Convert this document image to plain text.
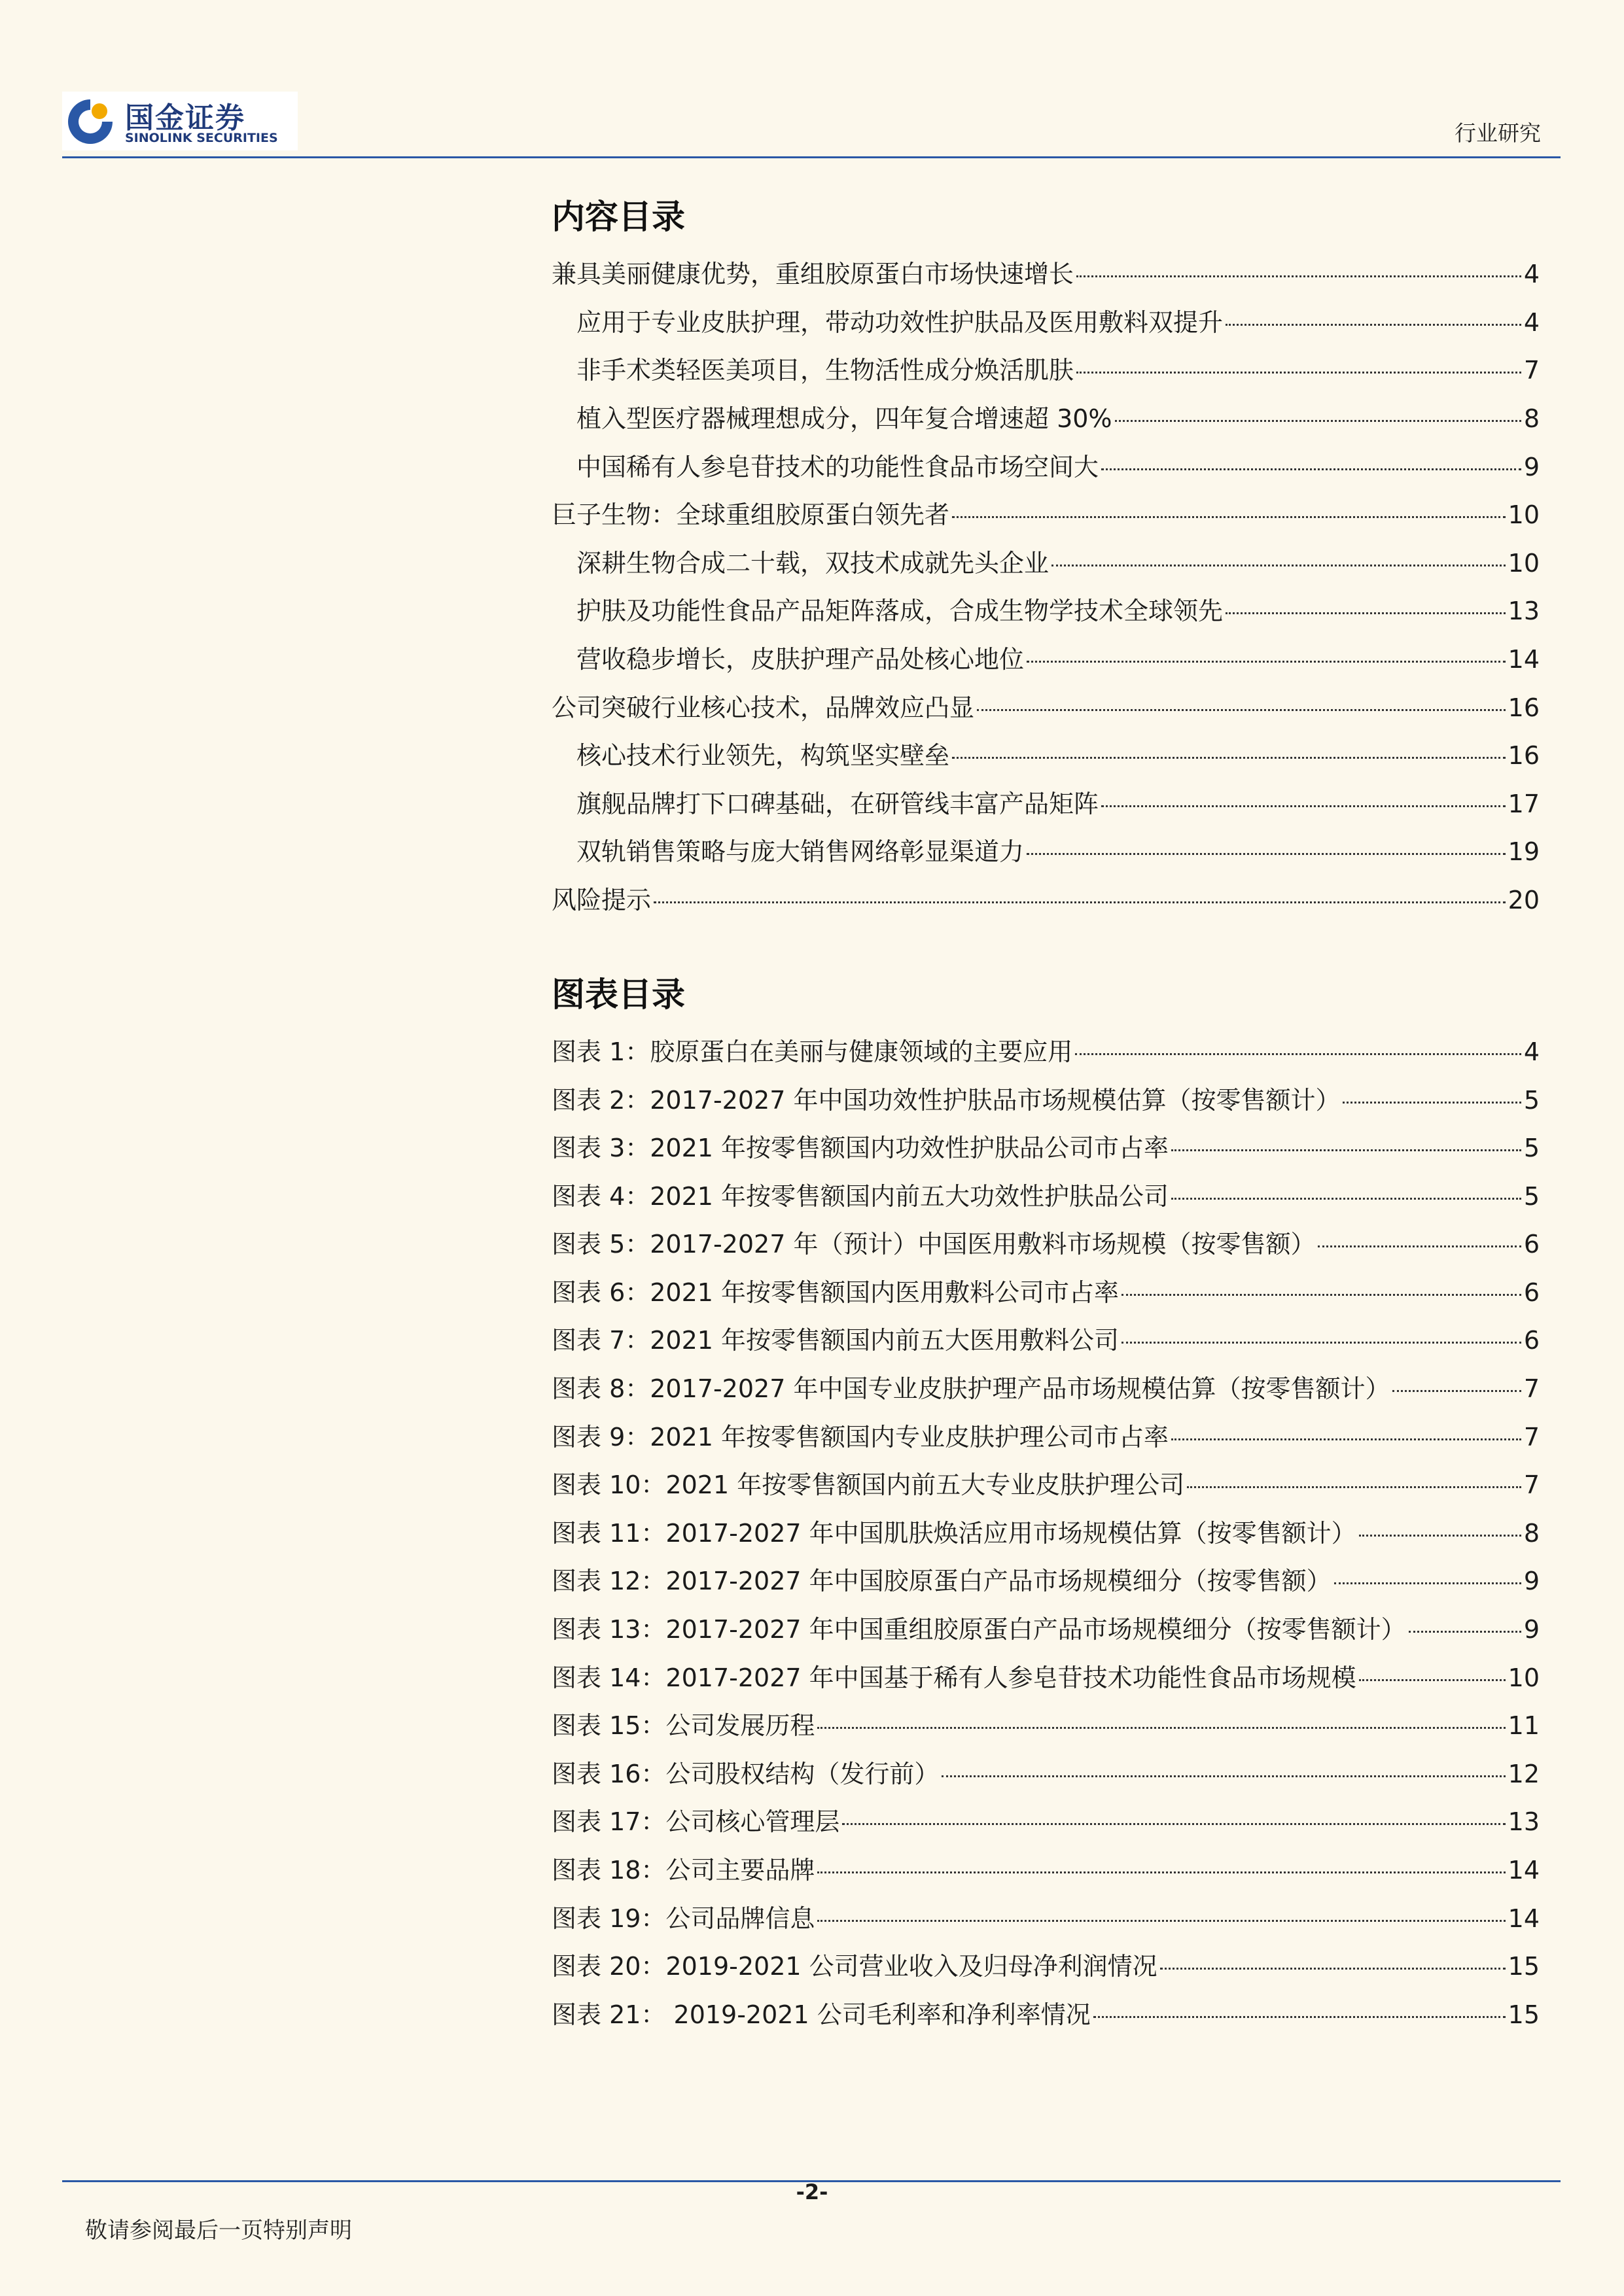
国金证券
SINOLINK SECURITIES	行业研究
内容目录
兼具美丽健康优势，重组胶原蛋白市场快速增长	4
应用于专业皮肤护理，带动功效性护肤品及医用敷料双提升	4
非手术类轻医美项目，生物活性成分焕活肌肤	7
植入型医疗器械理想成分，四年复合增速超 30%	8
中国稀有人参皂苷技术的功能性食品市场空间大	9
巨子生物：全球重组胶原蛋白领先者	10
深耕生物合成二十载，双技术成就先头企业	10
护肤及功能性食品产品矩阵落成，合成生物学技术全球领先	13
营收稳步增长，皮肤护理产品处核心地位	14
公司突破行业核心技术，品牌效应凸显	16
核心技术行业领先，构筑坚实壁垒	16
旗舰品牌打下口碑基础，在研管线丰富产品矩阵	17
双轨销售策略与庞大销售网络彰显渠道力	19
风险提示	20
图表目录
图表 1：胶原蛋白在美丽与健康领域的主要应用	4
图表 2：2017-2027 年中国功效性护肤品市场规模估算（按零售额计）	5
图表 3：2021 年按零售额国内功效性护肤品公司市占率	5
图表 4：2021 年按零售额国内前五大功效性护肤品公司	5
图表 5：2017-2027 年（预计）中国医用敷料市场规模（按零售额）	6
图表 6：2021 年按零售额国内医用敷料公司市占率	6
图表 7：2021 年按零售额国内前五大医用敷料公司	6
图表 8：2017-2027 年中国专业皮肤护理产品市场规模估算（按零售额计）	7
图表 9：2021 年按零售额国内专业皮肤护理公司市占率	7
图表 10：2021 年按零售额国内前五大专业皮肤护理公司	7
图表 11：2017-2027 年中国肌肤焕活应用市场规模估算（按零售额计）	8
图表 12：2017-2027 年中国胶原蛋白产品市场规模细分（按零售额）	9
图表 13：2017-2027 年中国重组胶原蛋白产品市场规模细分（按零售额计）	9
图表 14：2017-2027 年中国基于稀有人参皂苷技术功能性食品市场规模	10
图表 15：公司发展历程	11
图表 16：公司股权结构（发行前）	12
图表 17：公司核心管理层	13
图表 18：公司主要品牌	14
图表 19：公司品牌信息	14
图表 20：2019-2021 公司营业收入及归母净利润情况	15
图表 21： 2019-2021 公司毛利率和净利率情况	15
-2-
敬请参阅最后一页特别声明
